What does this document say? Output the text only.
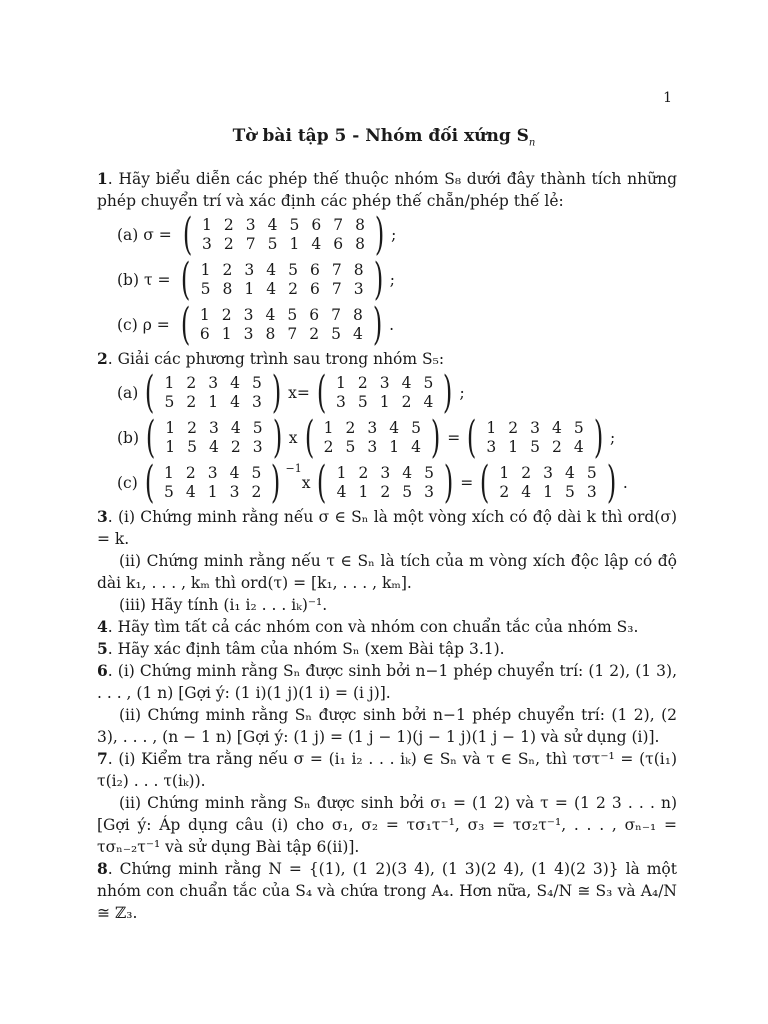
1
Tờ bài tập 5 - Nhóm đối xứng $S_n$

1. Hãy biểu diễn các phép thế thuộc nhóm S₈ dưới đây thành tích những phép chuyển trí và xác định các phép thế chẵn/phép thế lẻ:

(a) σ = ( 1	2	3	4	5	6	7	8
3	2	7	5	1	4	6	8 ) ;
(b) τ = ( 1	2	3	4	5	6	7	8
5	8	1	4	2	6	7	3 ) ;
(c) ρ = ( 1	2	3	4	5	6	7	8
6	1	3	8	7	2	5	4 ) .

2. Giải các phương trình sau trong nhóm S₅:

(a) ( 1	2	3	4	5
5	2	1	4	3 ) x = ( 1	2	3	4	5
3	5	1	2	4 ) ;
(b) ( 1	2	3	4	5
1	5	4	2	3 ) x ( 1	2	3	4	5
2	5	3	1	4 ) = ( 1	2	3	4	5
3	1	5	2	4 ) ;
(c) ( 1	2	3	4	5
5	4	1	3	2 ) −1
x ( 1	2	3	4	5
4	1	2	5	3 ) = ( 1	2	3	4	5
2	4	1	5	3 ) .

3. (i) Chứng minh rằng nếu σ ∈ Sₙ là một vòng xích có độ dài k thì ord(σ) = k.

(ii) Chứng minh rằng nếu τ ∈ Sₙ là tích của m vòng xích độc lập có độ dài k₁, . . . , kₘ thì ord(τ) = [k₁, . . . , kₘ].

(iii) Hãy tính (i₁ i₂ . . . iₖ)⁻¹.

4. Hãy tìm tất cả các nhóm con và nhóm con chuẩn tắc của nhóm S₃.

5. Hãy xác định tâm của nhóm Sₙ (xem Bài tập 3.1).

6. (i) Chứng minh rằng Sₙ được sinh bởi n−1 phép chuyển trí: (1 2), (1 3), . . . , (1 n) [Gợi ý: (1 i)(1 j)(1 i) = (i j)].

(ii) Chứng minh rằng Sₙ được sinh bởi n−1 phép chuyển trí: (1 2), (2 3), . . . , (n − 1 n) [Gợi ý: (1 j) = (1 j − 1)(j − 1 j)(1 j − 1) và sử dụng (i)].

7. (i) Kiểm tra rằng nếu σ = (i₁ i₂ . . . iₖ) ∈ Sₙ và τ ∈ Sₙ, thì τστ⁻¹ = (τ(i₁) τ(i₂) . . . τ(iₖ)).

(ii) Chứng minh rằng Sₙ được sinh bởi σ₁ = (1 2) và τ = (1 2 3 . . . n) [Gợi ý: Áp dụng câu (i) cho σ₁, σ₂ = τσ₁τ⁻¹, σ₃ = τσ₂τ⁻¹, . . . , σₙ₋₁ = τσₙ₋₂τ⁻¹ và sử dụng Bài tập 6(ii)].

8. Chứng minh rằng N = {(1), (1 2)(3 4), (1 3)(2 4), (1 4)(2 3)} là một nhóm con chuẩn tắc của S₄ và chứa trong A₄. Hơn nữa, S₄/N ≅ S₃ và A₄/N ≅ ℤ₃.
